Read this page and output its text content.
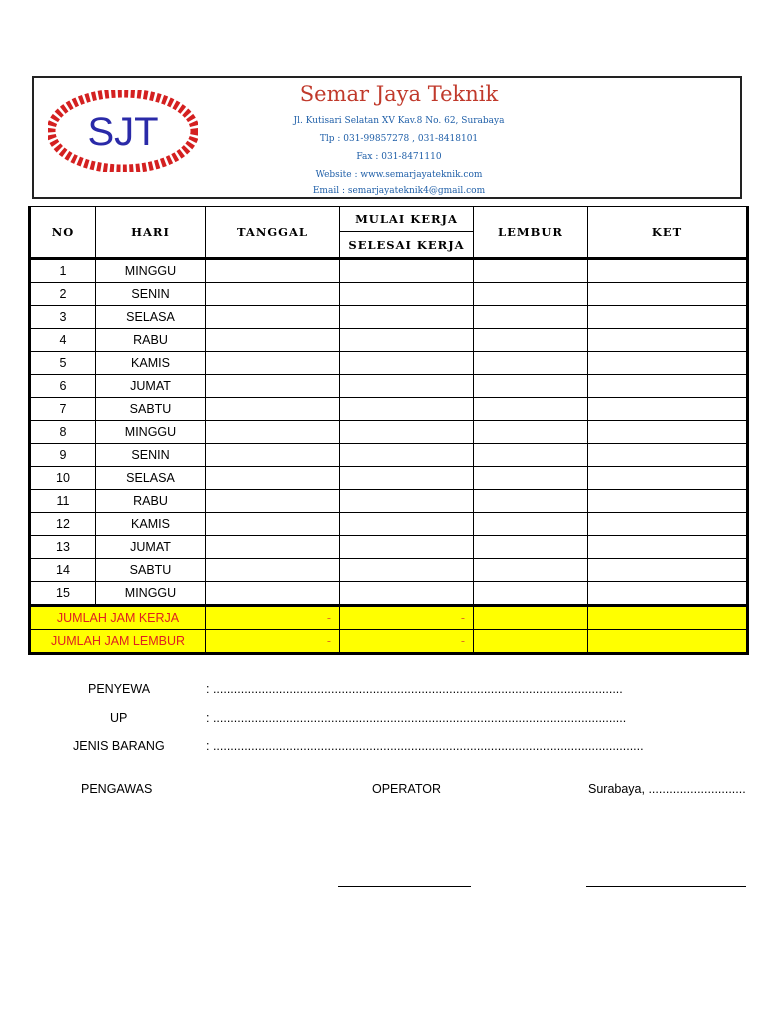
SJT
Semar Jaya Teknik
Jl. Kutisari Selatan XV Kav.8 No. 62, Surabaya
Tlp : 031-99857278 , 031-8418101
Fax : 031-8471110
Website : www.semarjayateknik.com
Email : semarjayateknik4@gmail.com
NO	HARI	TANGGAL	MULAI KERJA	LEMBUR	KET
			SELESAI KERJA		
1	MINGGU				
2	SENIN				
3	SELASA				
4	RABU				
5	KAMIS				
6	JUMAT				
7	SABTU				
8	MINGGU				
9	SENIN				
10	SELASA				
11	RABU				
12	KAMIS				
13	JUMAT				
14	SABTU				
15	MINGGU				
JUMLAH JAM KERJA		-	-		
JUMLAH JAM LEMBUR		-	-		
PENYEWA	: ......................................................................................................................
UP	: .......................................................................................................................
JENIS BARANG	: ............................................................................................................................
PENGAWAS	OPERATOR	Surabaya, ............................
